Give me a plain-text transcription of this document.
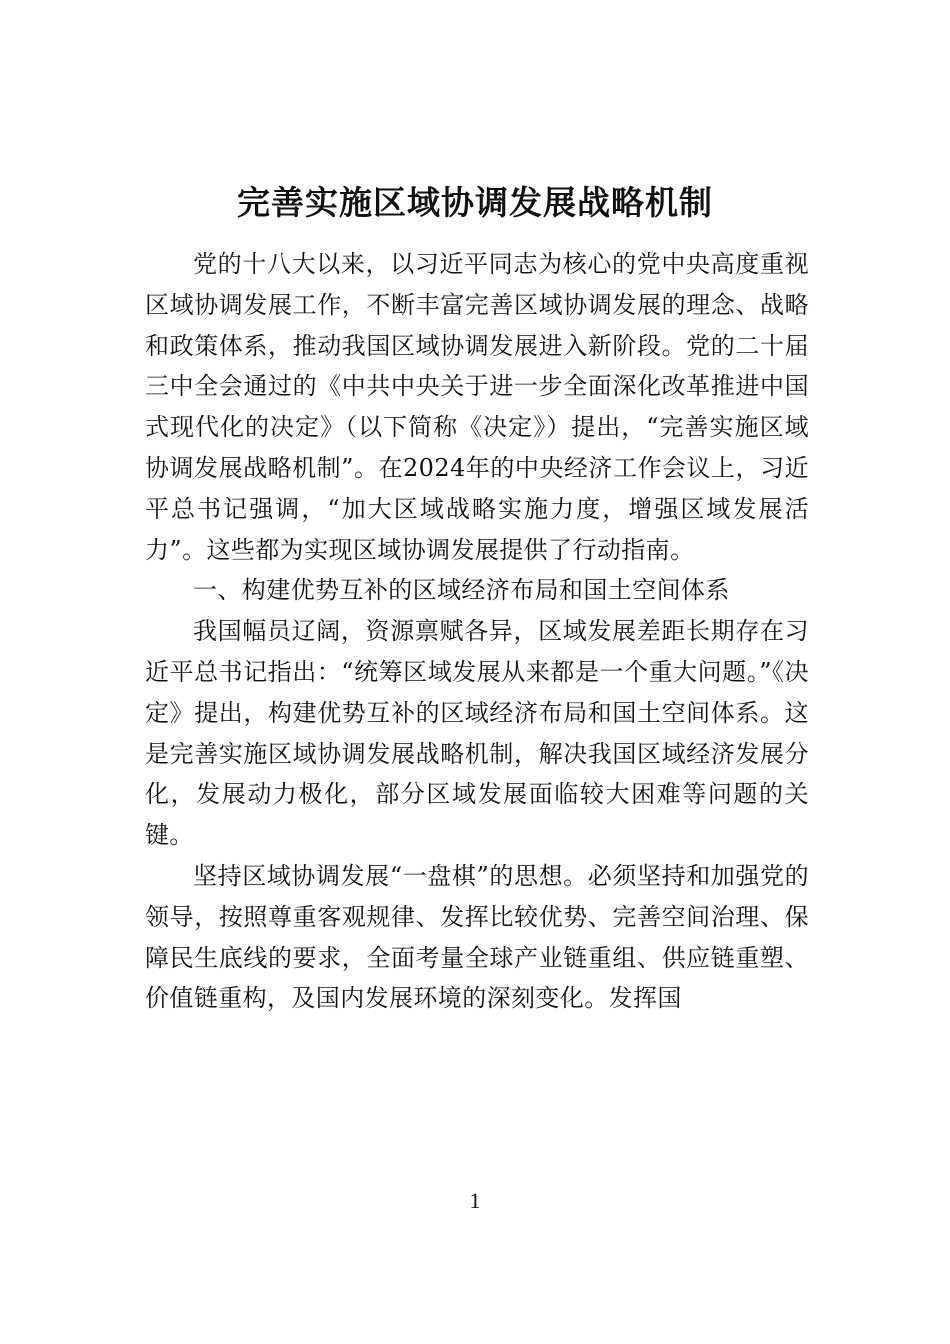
完善实施区域协调发展战略机制

党的十八大以来，以习近平同志为核心的党中央高度重视区域协调发展工作，不断丰富完善区域协调发展的理念、战略和政策体系，推动我国区域协调发展进入新阶段。党的二十届三中全会通过的《中共中央关于进一步全面深化改革推进中国式现代化的决定》（以下简称《决定》）提出，“完善实施区域协调发展战略机制”。在2024年的中央经济工作会议上，习近平总书记强调，“加大区域战略实施力度，增强区域发展活力”。这些都为实现区域协调发展提供了行动指南。

一、构建优势互补的区域经济布局和国土空间体系

我国幅员辽阔，资源禀赋各异，区域发展差距长期存在习近平总书记指出：“统筹区域发展从来都是一个重大问题。”《决定》提出，构建优势互补的区域经济布局和国土空间体系。这是完善实施区域协调发展战略机制，解决我国区域经济发展分化，发展动力极化，部分区域发展面临较大困难等问题的关键。

坚持区域协调发展“一盘棋”的思想。必须坚持和加强党的领导，按照尊重客观规律、发挥比较优势、完善空间治理、保障民生底线的要求，全面考量全球产业链重组、供应链重塑、价值链重构，及国内发展环境的深刻变化。发挥国

1
